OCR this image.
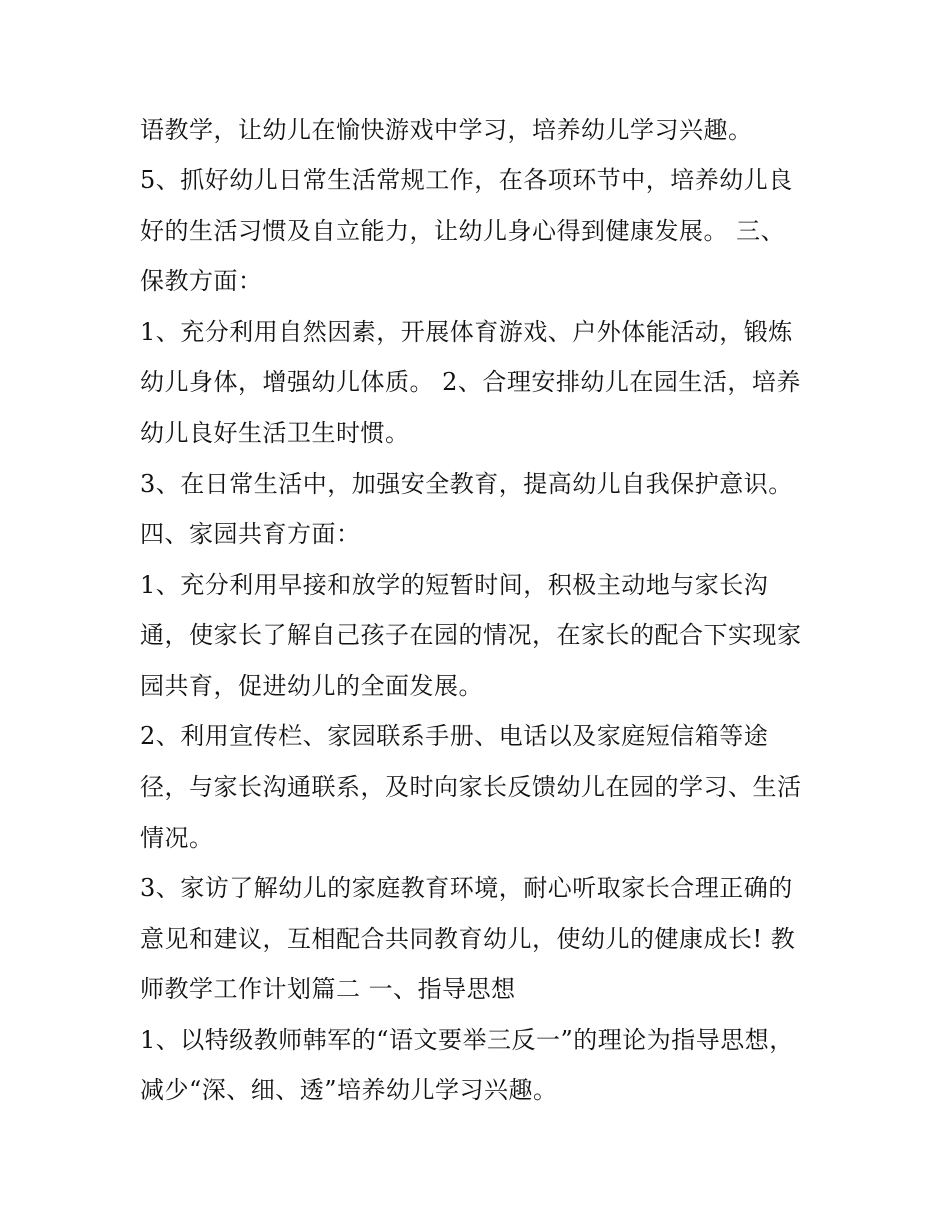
语教学，让幼儿在愉快游戏中学习，培养幼儿学习兴趣。

5、抓好幼儿日常生活常规工作，在各项环节中，培养幼儿良

好的生活习惯及自立能力，让幼儿身心得到健康发展。 三、

保教方面：

1、充分利用自然因素，开展体育游戏、户外体能活动，锻炼

幼儿身体，增强幼儿体质。 2、合理安排幼儿在园生活，培养

幼儿良好生活卫生时惯。

3、在日常生活中，加强安全教育，提高幼儿自我保护意识。

四、家园共育方面：

1、充分利用早接和放学的短暂时间，积极主动地与家长沟

通，使家长了解自己孩子在园的情况，在家长的配合下实现家

园共育，促进幼儿的全面发展。

2、利用宣传栏、家园联系手册、电话以及家庭短信箱等途

径，与家长沟通联系，及时向家长反馈幼儿在园的学习、生活

情况。

3、家访了解幼儿的家庭教育环境，耐心听取家长合理正确的

意见和建议，互相配合共同教育幼儿，使幼儿的健康成长! 教

师教学工作计划篇二 一、指导思想

1、以特级教师韩军的“语文要举三反一”的理论为指导思想，

减少“深、细、透”培养幼儿学习兴趣。
